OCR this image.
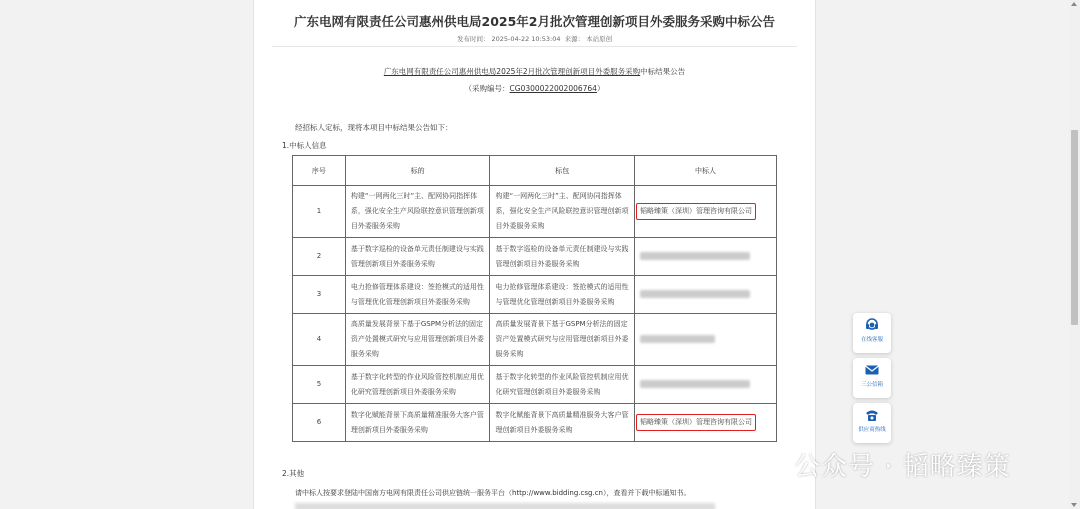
广东电网有限责任公司惠州供电局2025年2月批次管理创新项目外委服务采购中标公告
发布时间： 2025-04-22 10:53:04 来源： 本站原创
广东电网有限责任公司惠州供电局2025年2月批次管理创新项目外委服务采购中标结果公告
（采购编号：CG0300022002006764）
经招标人定标，现将本项目中标结果公告如下：
1.中标人信息
序号	标的	标包	中标人
1	构建“一网两化三时”主、配网协同指挥体系，强化安全生产风险联控意识管理创新项目外委服务采购	构建“一网两化三时”主、配网协同指挥体系，强化安全生产风险联控意识管理创新项目外委服务采购	韬略臻策（深圳）管理咨询有限公司
2	基于数字巡检的设备单元责任制建设与实践管理创新项目外委服务采购	基于数字巡检的设备单元责任制建设与实践管理创新项目外委服务采购	
3	电力抢修管理体系建设：签抢模式的适用性与管理优化管理创新项目外委服务采购	电力抢修管理体系建设：签抢模式的适用性与管理优化管理创新项目外委服务采购	
4	高质量发展背景下基于GSPM分析法的固定资产处置模式研究与应用管理创新项目外委服务采购	高质量发展背景下基于GSPM分析法的固定资产处置模式研究与应用管理创新项目外委服务采购	
5	基于数字化转型的作业风险管控机制应用优化研究管理创新项目外委服务采购	基于数字化转型的作业风险管控机制应用优化研究管理创新项目外委服务采购	
6	数字化赋能背景下高质量精准服务大客户管理创新项目外委服务采购	数字化赋能背景下高质量精准服务大客户管理创新项目外委服务采购	韬略臻策（深圳）管理咨询有限公司
2.其他
请中标人按要求登陆中国南方电网有限责任公司供应链统一服务平台（http://www.bidding.csg.cn），查看并下载中标通知书。
在线客服
三公信箱
供应商热线
公众号 · 韬略臻策
